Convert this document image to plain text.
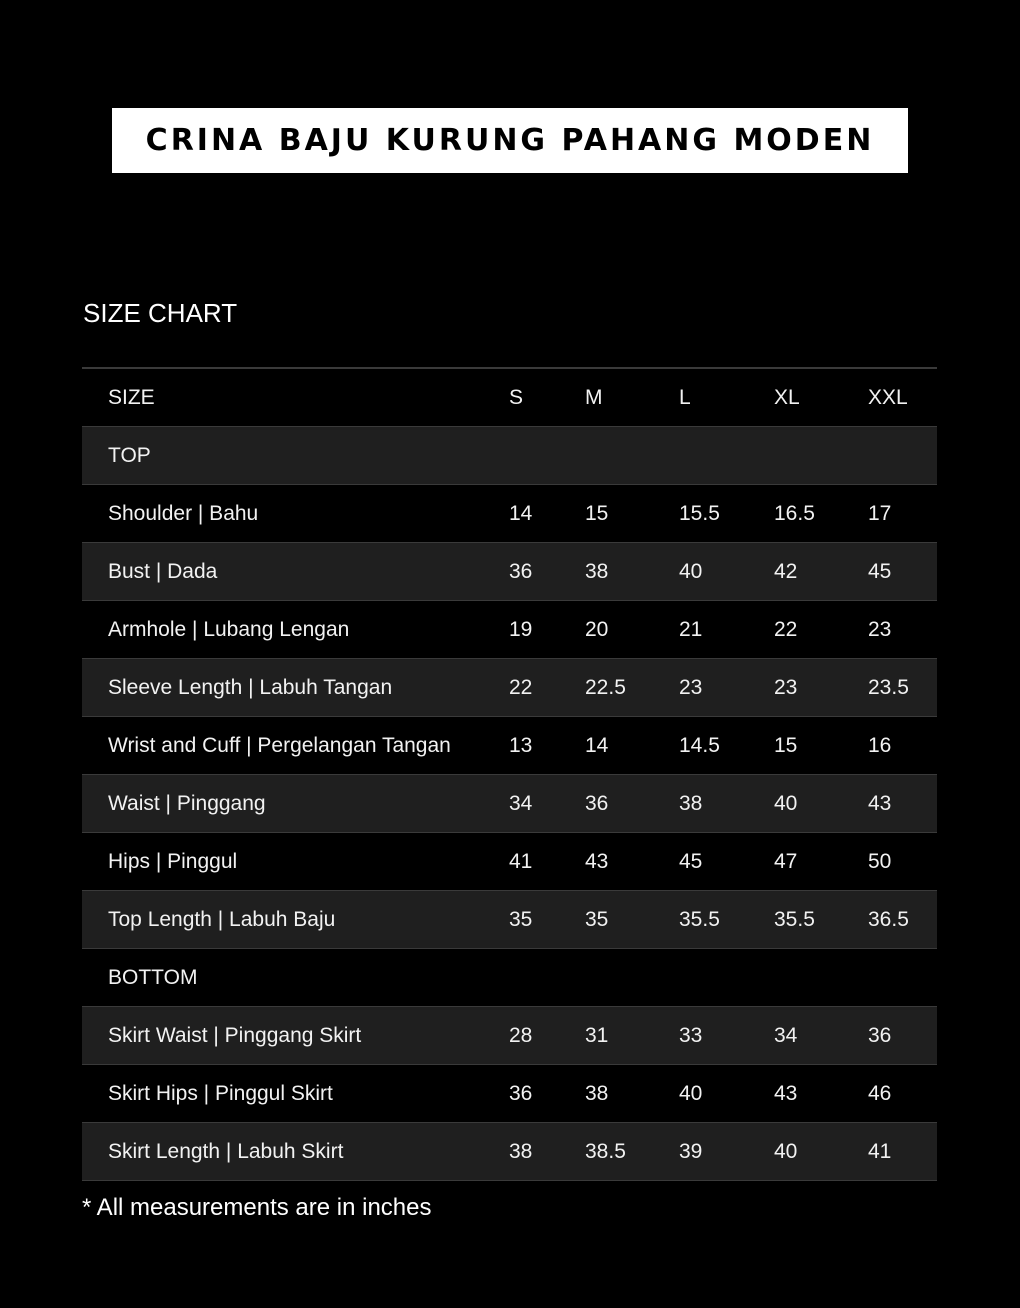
CRINA BAJU KURUNG PAHANG MODEN
SIZE CHART
SIZE	S	M	L	XL	XXL
TOP
Shoulder | Bahu	14	15	15.5	16.5	17
Bust | Dada	36	38	40	42	45
Armhole | Lubang Lengan	19	20	21	22	23
Sleeve Length | Labuh Tangan	22	22.5	23	23	23.5
Wrist and Cuff | Pergelangan Tangan	13	14	14.5	15	16
Waist | Pinggang	34	36	38	40	43
Hips | Pinggul	41	43	45	47	50
Top Length | Labuh Baju	35	35	35.5	35.5	36.5
BOTTOM
Skirt Waist | Pinggang Skirt	28	31	33	34	36
Skirt Hips | Pinggul Skirt	36	38	40	43	46
Skirt Length | Labuh Skirt	38	38.5	39	40	41
* All measurements are in inches
